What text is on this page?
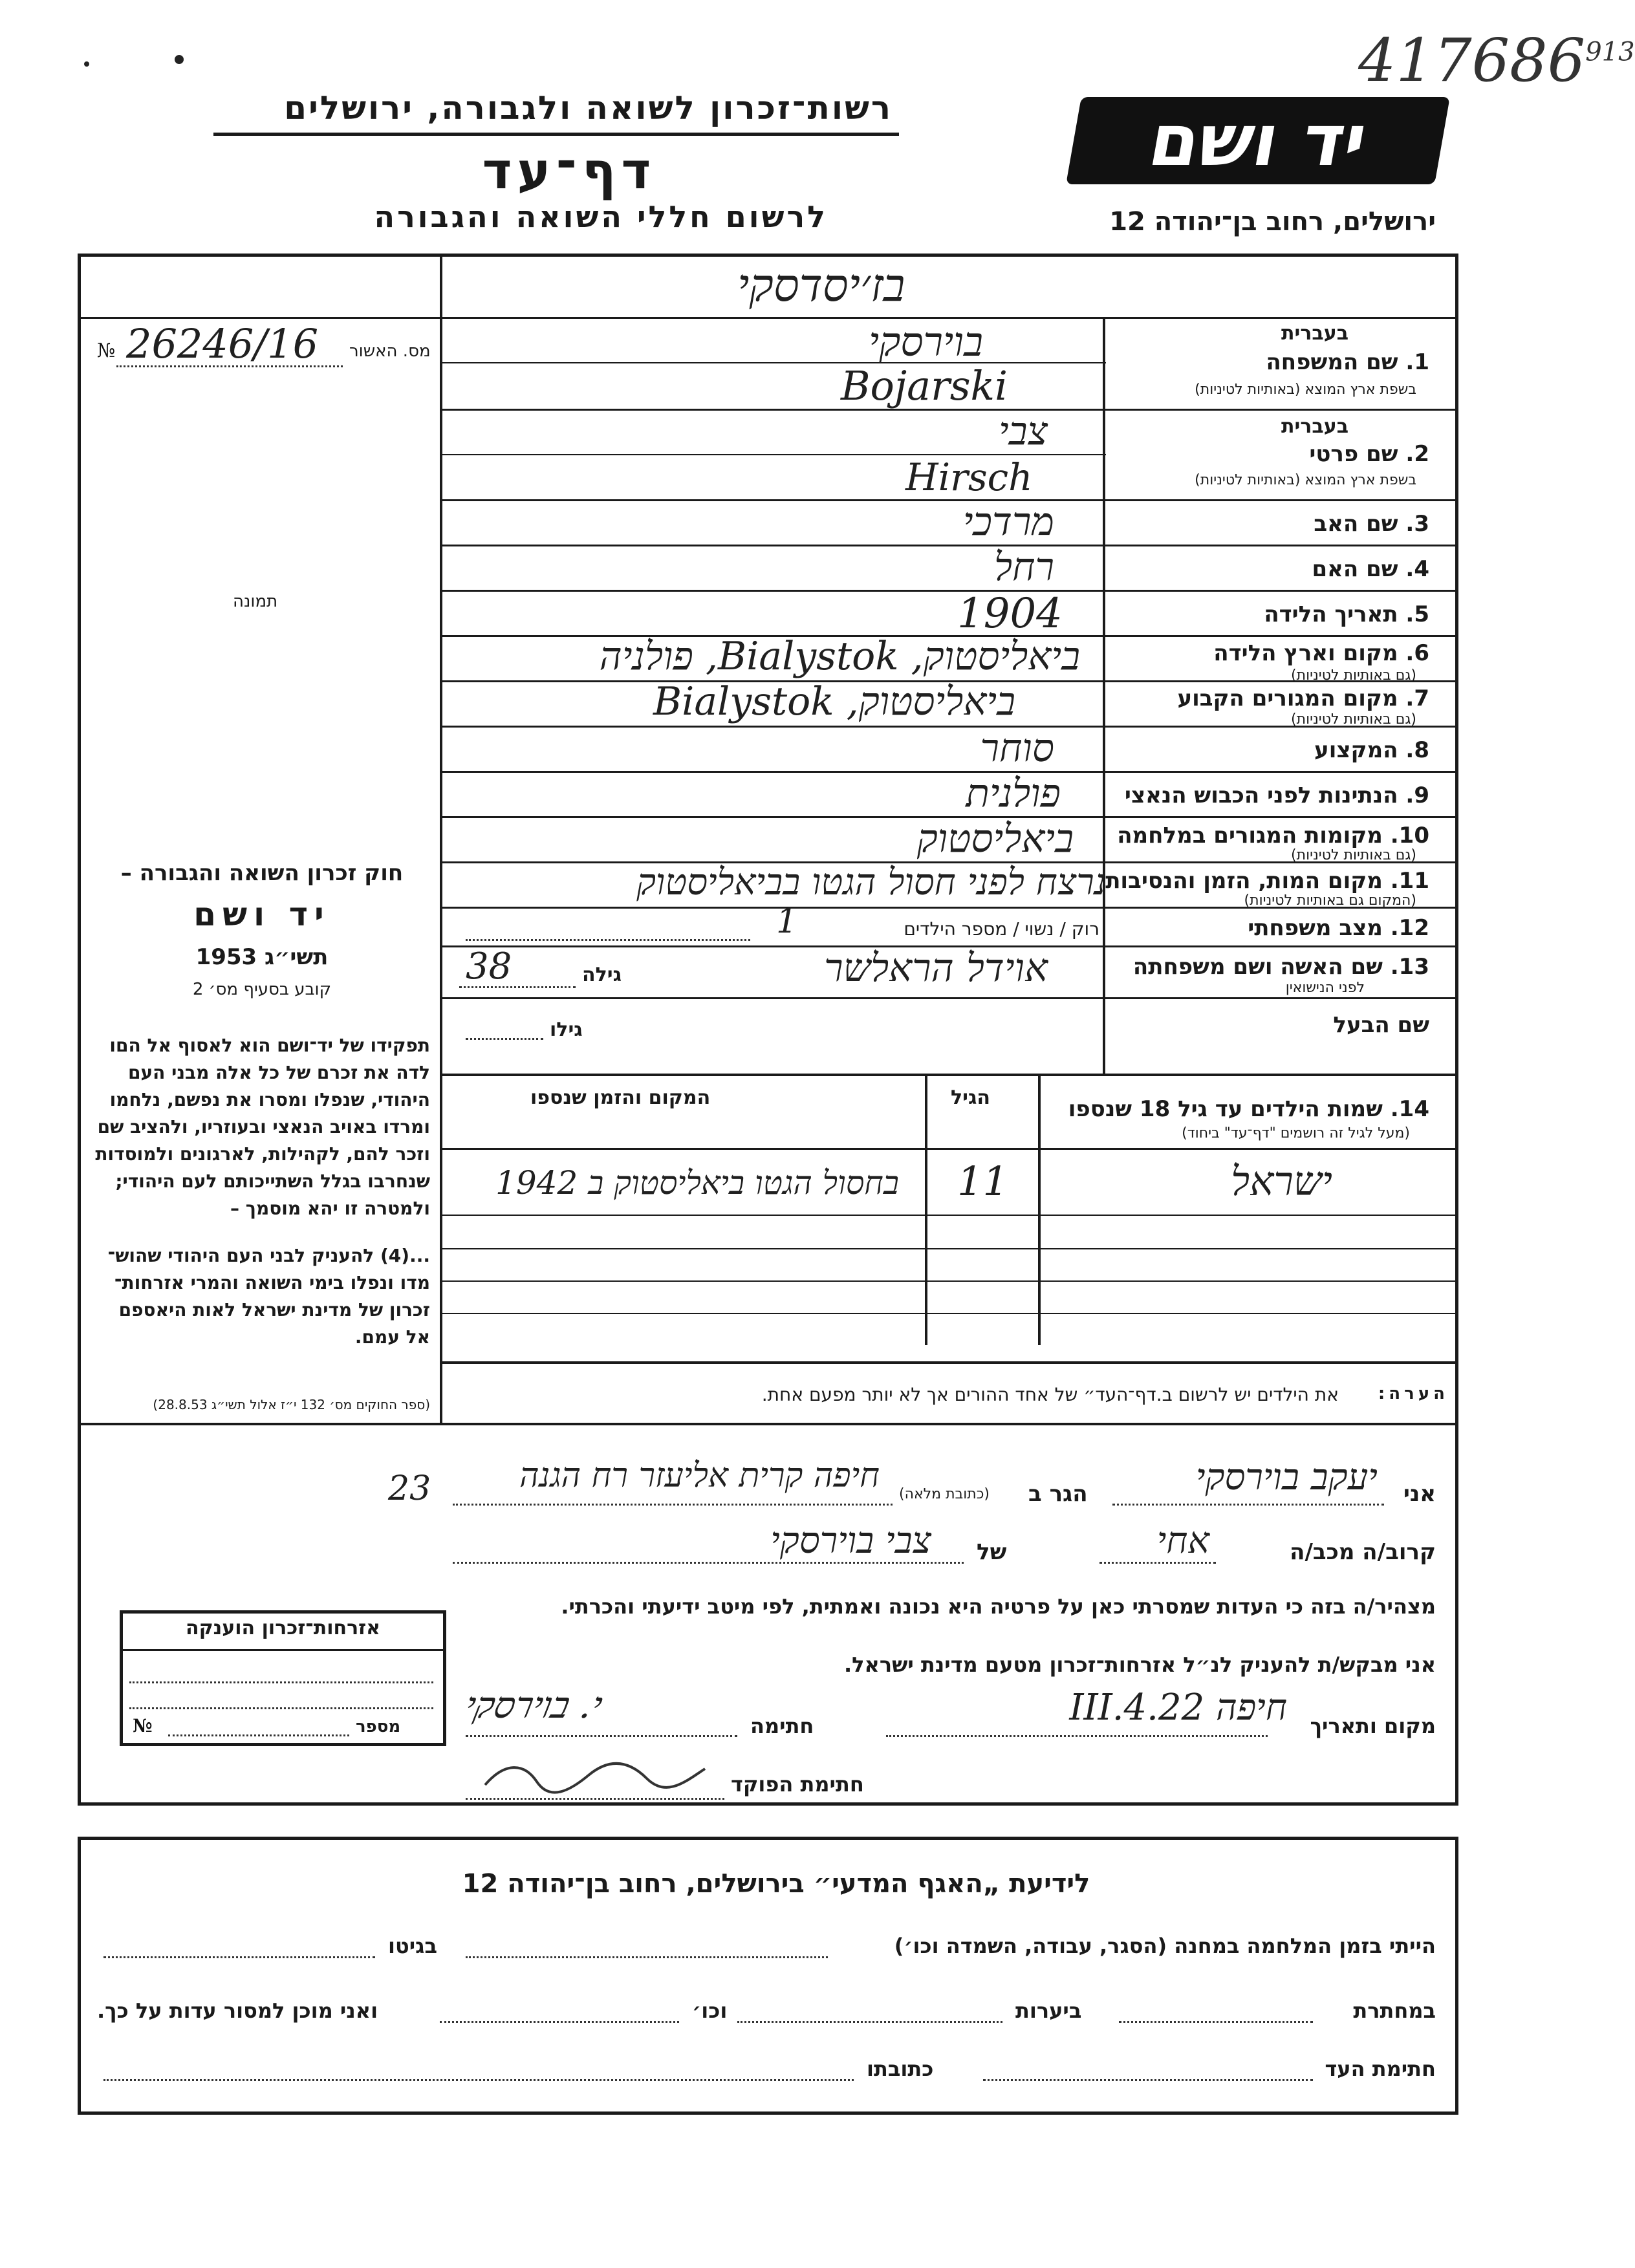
417686$^{913}$
יד ושם
רשות־זכרון לשואה ולגבורה, ירושלים
דף־עד
לרשום חללי השואה והגבורה	ירושלים, רחוב בן־יהודה 12
בז׳יסדסקי
מס. האשור
№ 26246/16
תמונה
חוק זכרון השואה והגבורה –
יד ושם
תשי״ג 1953
קובע בסעיף מס׳ 2
תפקידו של יד־ושם הוא לאסוף אל הםו
לדה את זכרם של כל אלה מבני העם
היהודי, שנפלו ומסרו את נפשם, נלחמו
ומרדו באויב הנאצי ובעוזריו, ולהציב שם
וזכר להם, לקהילות, לארגונים ולמוסדות
שנחרבו בגלל השתייכותם לעם היהודי;
ולמטרה זו יהא מוסמך –
...(4) להעניק לבני העם היהודי שהוש־
מדו ונפלו בימי השואה והמרי אזרחות־
זכרון של מדינת ישראל לאות היאספם
אל עמם.
(ספר החוקים מס׳ 132 י״ז אלול תשי״ג 28.8.53)
בעברית
1. שם המשפחה
בשפת ארץ המוצא (באותיות לטיניות)
בוירסקי
Bojarski
בעברית
2. שם פרטי
בשפת ארץ המוצא (באותיות לטיניות)
צבי
Hirsch
3. שם האב
מרדכי
4. שם האם
רחל
5. תאריך הלידה
1904
6. מקום וארץ הלידה
(גם באותיות לטיניות)
ביאליסטוק, Bialystok, פולניה
7. מקום המגורים הקבוע
(גם באותיות לטיניות)
ביאליסטוק, Bialystok
8. המקצוע
סוחר
9. הנתינות לפני הכבוש הנאצי
פולנית
10. מקומות המגורים במלחמה
(גם באותיות לטיניות)
ביאליסטוק
11. מקום המות, הזמן והנסיבות
(המקום גם באותיות לטיניות)
נרצח לפני חסול הגטו בביאליסטוק
12. מצב משפחתי
רוק / נשוי / מספר הילדים
1
13. שם האשה ושם משפחתה
לפני הנישואין
גילה
38	אוידל הראלשר
שם הבעל
גילו
14. שמות הילדים עד גיל 18 שנספו
(מעל לגיל זה רושמים "דף־עד" ביחוד)
הגיל
המקום והזמן שנספו
ישראל
11
בחסול הגטו ביאליסטוק ב 1942
הערה:
את הילדים יש לרשום ב.דף־העד״ של אחד ההורים אך לא יותר מפעם אחת.
אני
יעקב בוירסקי
הגר ב
(כתובת מלאה)
חיפה קרית אליעזר רח הגנה
23
קרוב/ה מכב/ה
אחי
של
צבי בוירסקי
מצהיר/ה בזה כי העדות שמסרתי כאן על פרטיה היא נכונה ואמתית, לפי מיטב ידיעתי והכרתי.
אזרחות־זכרון הוענקה
מספר
№
אני מבקש/ת להעניק לנ״ל אזרחות־זכרון מטעם מדינת ישראל.
מקום ותאריך
חיפה 22.III.4
חתימה
י. בוירסקי
חתימת הפוקד
לידיעת „האגף המדעי״ בירושלים, רחוב בן־יהודה 12
הייתי בזמן המלחמה במחנה (הסגר, עבודה, השמדה וכו׳)
בגיטו
במחתרת
ביערות
וכו׳
ואני מוכן למסור עדות על כך.
חתימת העד
כתובתו
